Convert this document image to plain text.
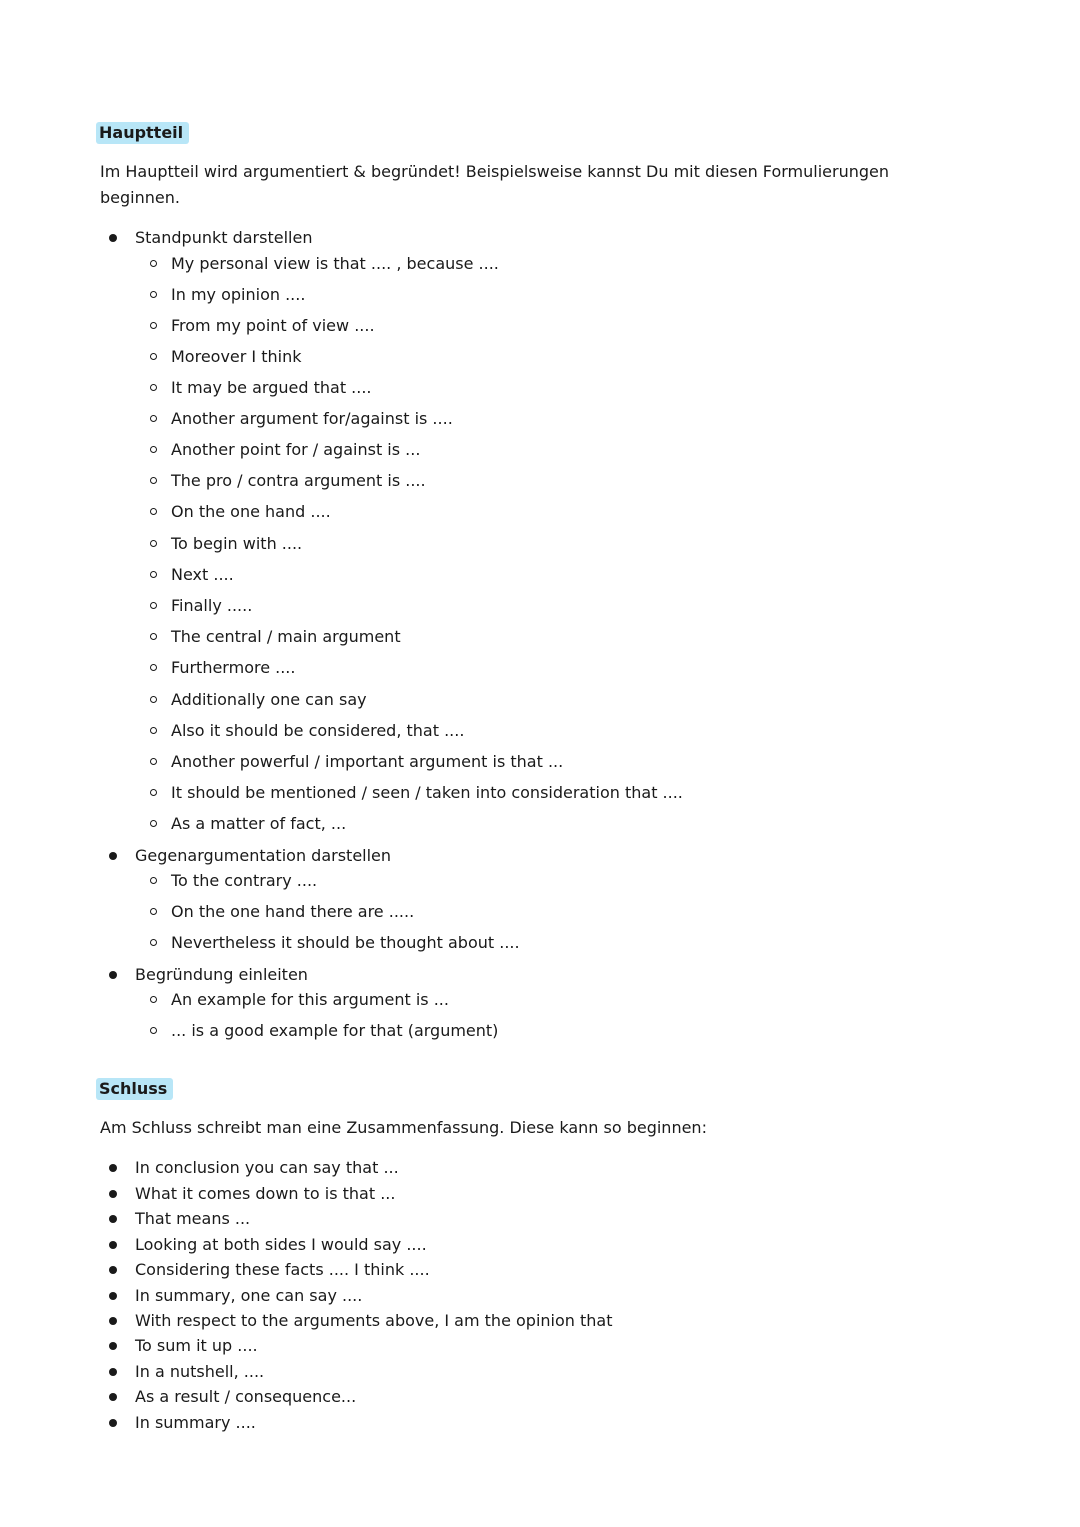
Hauptteil
Im Hauptteil wird argumentiert & begründet! Beispielsweise kannst Du mit diesen Formulierungen beginnen.
Standpunkt darstellen
My personal view is that .... , because ....
In my opinion ....
From my point of view ....
Moreover I think
It may be argued that ....
Another argument for/against is ....
Another point for / against is ...
The pro / contra argument is ....
On the one hand ....
To begin with ....
Next ....
Finally .....
The central / main argument
Furthermore ....
Additionally one can say
Also it should be considered, that ....
Another powerful / important argument is that ...
It should be mentioned / seen / taken into consideration that ....
As a matter of fact, ...
Gegenargumentation darstellen
To the contrary ....
On the one hand there are .....
Nevertheless it should be thought about ....
Begründung einleiten
An example for this argument is ...
... is a good example for that (argument)
Schluss
Am Schluss schreibt man eine Zusammenfassung. Diese kann so beginnen:
In conclusion you can say that ...
What it comes down to is that ...
That means ...
Looking at both sides I would say ....
Considering these facts .... I think ....
In summary, one can say ....
With respect to the arguments above, I am the opinion that
To sum it up ....
In a nutshell, ....
As a result / consequence...
In summary ....
